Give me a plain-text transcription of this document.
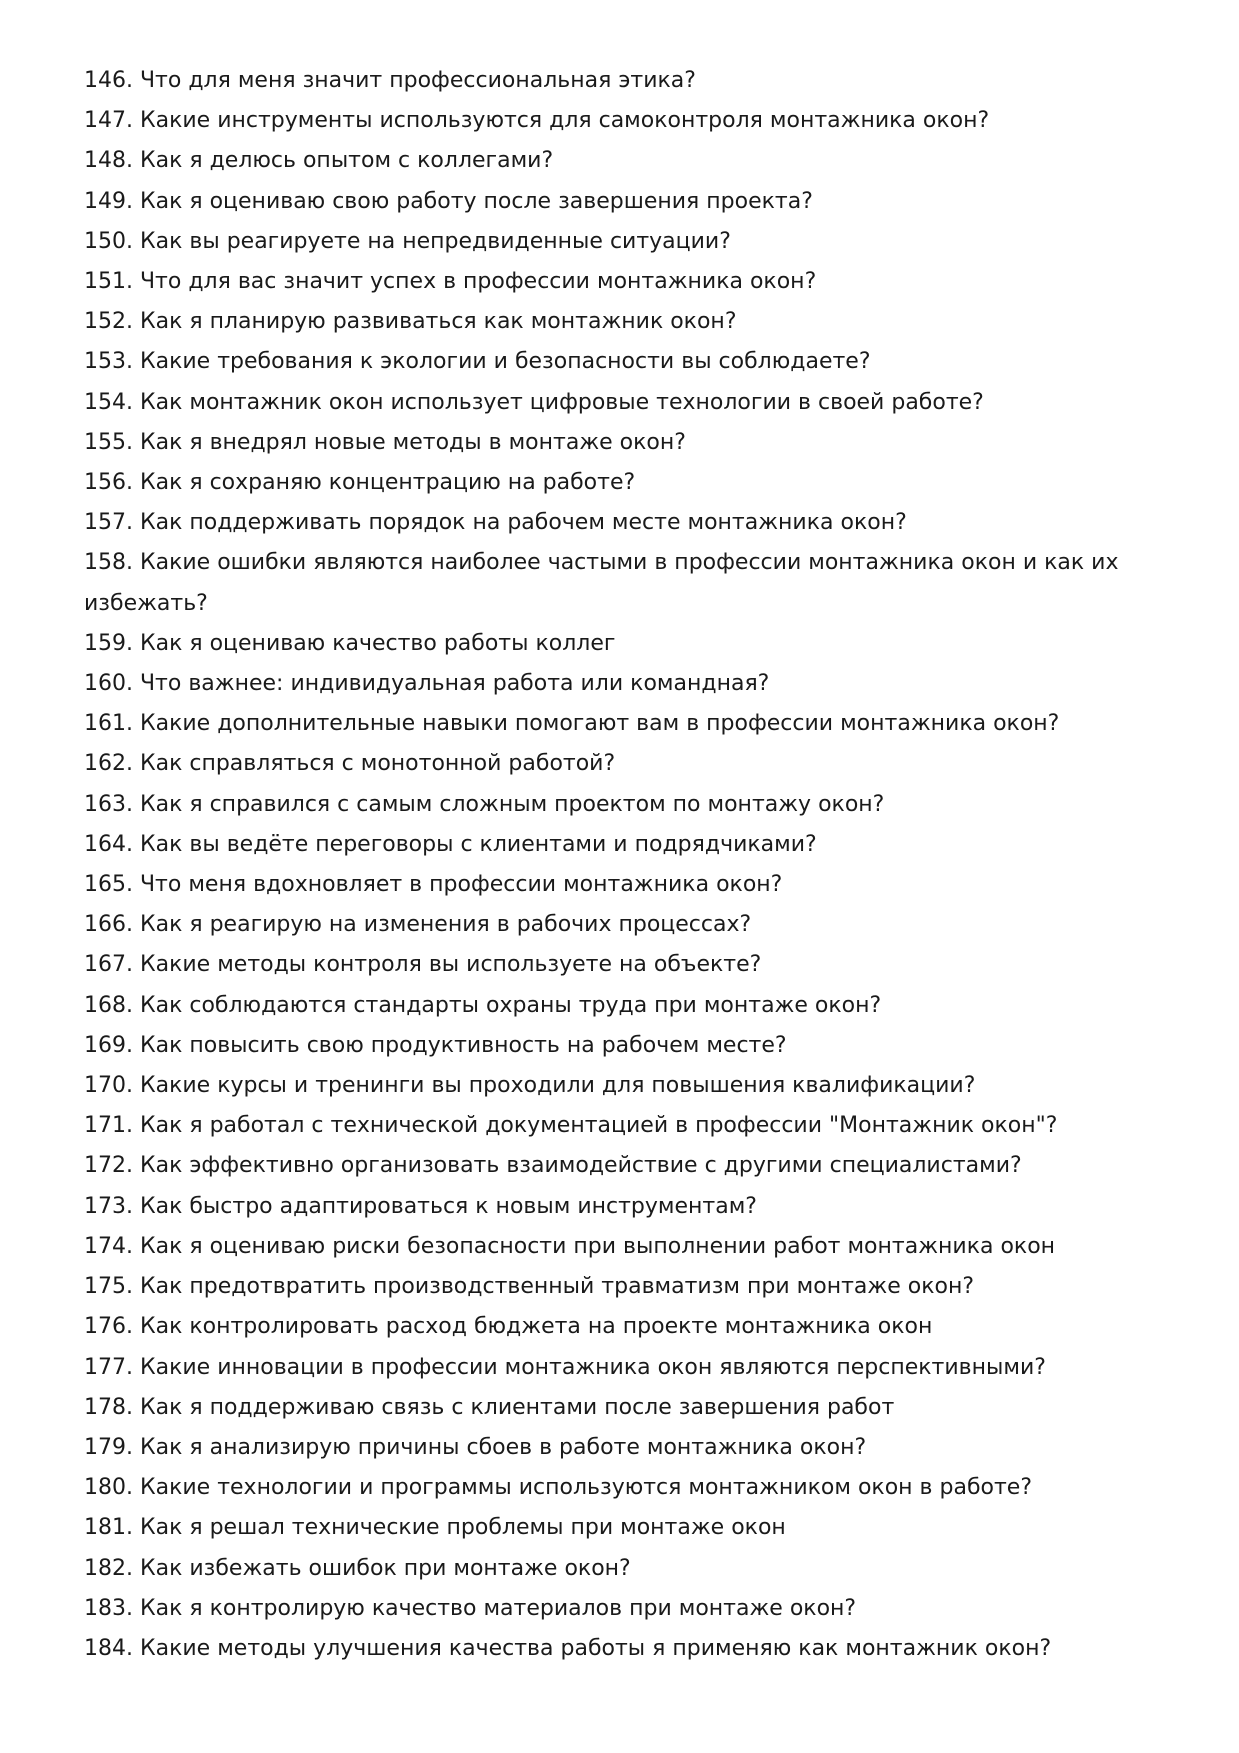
146. Что для меня значит профессиональная этика?

147. Какие инструменты используются для самоконтроля монтажника окон?

148. Как я делюсь опытом с коллегами?

149. Как я оцениваю свою работу после завершения проекта?

150. Как вы реагируете на непредвиденные ситуации?

151. Что для вас значит успех в профессии монтажника окон?

152. Как я планирую развиваться как монтажник окон?

153. Какие требования к экологии и безопасности вы соблюдаете?

154. Как монтажник окон использует цифровые технологии в своей работе?

155. Как я внедрял новые методы в монтаже окон?

156. Как я сохраняю концентрацию на работе?

157. Как поддерживать порядок на рабочем месте монтажника окон?

158. Какие ошибки являются наиболее частыми в профессии монтажника окон и как их избежать?

159. Как я оцениваю качество работы коллег

160. Что важнее: индивидуальная работа или командная?

161. Какие дополнительные навыки помогают вам в профессии монтажника окон?

162. Как справляться с монотонной работой?

163. Как я справился с самым сложным проектом по монтажу окон?

164. Как вы ведёте переговоры с клиентами и подрядчиками?

165. Что меня вдохновляет в профессии монтажника окон?

166. Как я реагирую на изменения в рабочих процессах?

167. Какие методы контроля вы используете на объекте?

168. Как соблюдаются стандарты охраны труда при монтаже окон?

169. Как повысить свою продуктивность на рабочем месте?

170. Какие курсы и тренинги вы проходили для повышения квалификации?

171. Как я работал с технической документацией в профессии "Монтажник окон"?

172. Как эффективно организовать взаимодействие с другими специалистами?

173. Как быстро адаптироваться к новым инструментам?

174. Как я оцениваю риски безопасности при выполнении работ монтажника окон

175. Как предотвратить производственный травматизм при монтаже окон?

176. Как контролировать расход бюджета на проекте монтажника окон

177. Какие инновации в профессии монтажника окон являются перспективными?

178. Как я поддерживаю связь с клиентами после завершения работ

179. Как я анализирую причины сбоев в работе монтажника окон?

180. Какие технологии и программы используются монтажником окон в работе?

181. Как я решал технические проблемы при монтаже окон

182. Как избежать ошибок при монтаже окон?

183. Как я контролирую качество материалов при монтаже окон?

184. Какие методы улучшения качества работы я применяю как монтажник окон?
